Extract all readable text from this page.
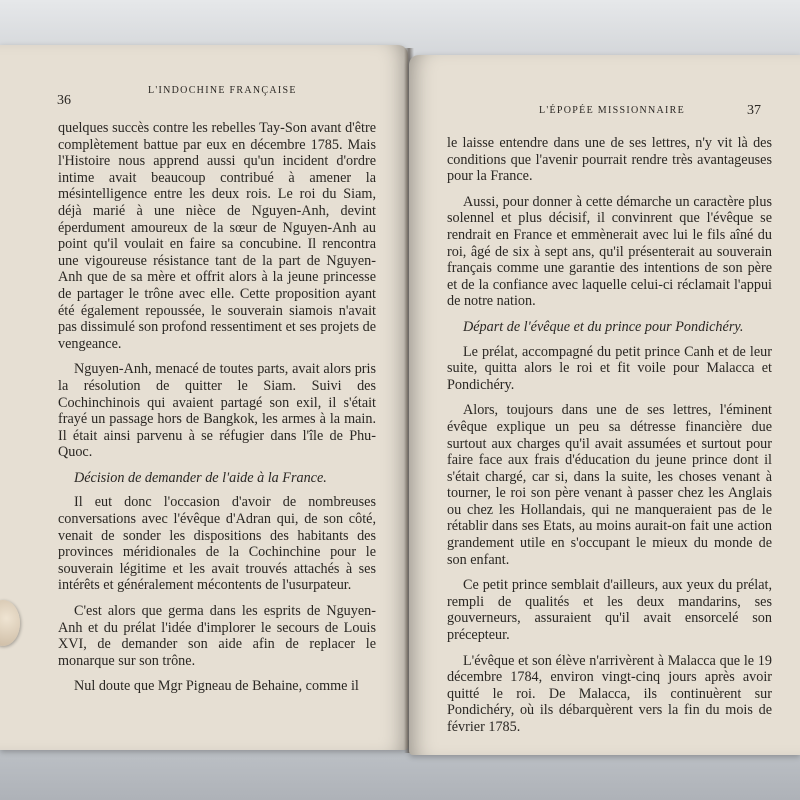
36
L'INDOCHINE FRANÇAISE

quelques succès contre les rebelles Tay-Son avant d'être complètement battue par eux en décembre 1785. Mais l'Histoire nous apprend aussi qu'un incident d'ordre intime avait beaucoup contribué à amener la mésintelligence entre les deux rois. Le roi du Siam, déjà marié à une nièce de Nguyen-Anh, devint éperdument amoureux de la sœur de Nguyen-Anh au point qu'il voulait en faire sa concubine. Il rencontra une vigoureuse résistance tant de la part de Nguyen-Anh que de sa mère et offrit alors à la jeune princesse de partager le trône avec elle. Cette proposition ayant été également repoussée, le souverain siamois n'avait pas dissimulé son profond ressentiment et ses projets de vengeance.

Nguyen-Anh, menacé de toutes parts, avait alors pris la résolution de quitter le Siam. Suivi des Cochinchinois qui avaient partagé son exil, il s'était frayé un passage hors de Bangkok, les armes à la main. Il était ainsi parvenu à se réfugier dans l'île de Phu-Quoc.

Décision de demander de l'aide à la France.

Il eut donc l'occasion d'avoir de nombreuses conversations avec l'évêque d'Adran qui, de son côté, venait de sonder les dispositions des habitants des provinces méridionales de la Cochinchine pour le souverain légitime et les avait trouvés attachés à ses intérêts et généralement mécontents de l'usurpateur.

C'est alors que germa dans les esprits de Nguyen-Anh et du prélat l'idée d'implorer le secours de Louis XVI, de demander son aide afin de replacer le monarque sur son trône.

Nul doute que Mgr Pigneau de Behaine, comme il

L'ÉPOPÉE MISSIONNAIRE	37

le laisse entendre dans une de ses lettres, n'y vit là des conditions que l'avenir pourrait rendre très avantageuses pour la France.

Aussi, pour donner à cette démarche un caractère plus solennel et plus décisif, il convinrent que l'évêque se rendrait en France et emmènerait avec lui le fils aîné du roi, âgé de six à sept ans, qu'il présenterait au souverain français comme une garantie des intentions de son père et de la confiance avec laquelle celui-ci réclamait l'appui de notre nation.

Départ de l'évêque et du prince pour Pondichéry.

Le prélat, accompagné du petit prince Canh et de leur suite, quitta alors le roi et fit voile pour Malacca et Pondichéry.

Alors, toujours dans une de ses lettres, l'éminent évêque explique un peu sa détresse financière due surtout aux charges qu'il avait assumées et surtout pour faire face aux frais d'éducation du jeune prince dont il s'était chargé, car si, dans la suite, les choses venant à tourner, le roi son père venant à passer chez les Anglais ou chez les Hollandais, qui ne manqueraient pas de le rétablir dans ses Etats, au moins aurait-on fait une action grandement utile en s'occupant le mieux du monde de son enfant.

Ce petit prince semblait d'ailleurs, aux yeux du prélat, rempli de qualités et les deux mandarins, ses gouverneurs, assuraient qu'il avait ensorcelé son précepteur.

L'évêque et son élève n'arrivèrent à Malacca que le 19 décembre 1784, environ vingt-cinq jours après avoir quitté le roi. De Malacca, ils continuèrent sur Pondichéry, où ils débarquèrent vers la fin du mois de février 1785.
